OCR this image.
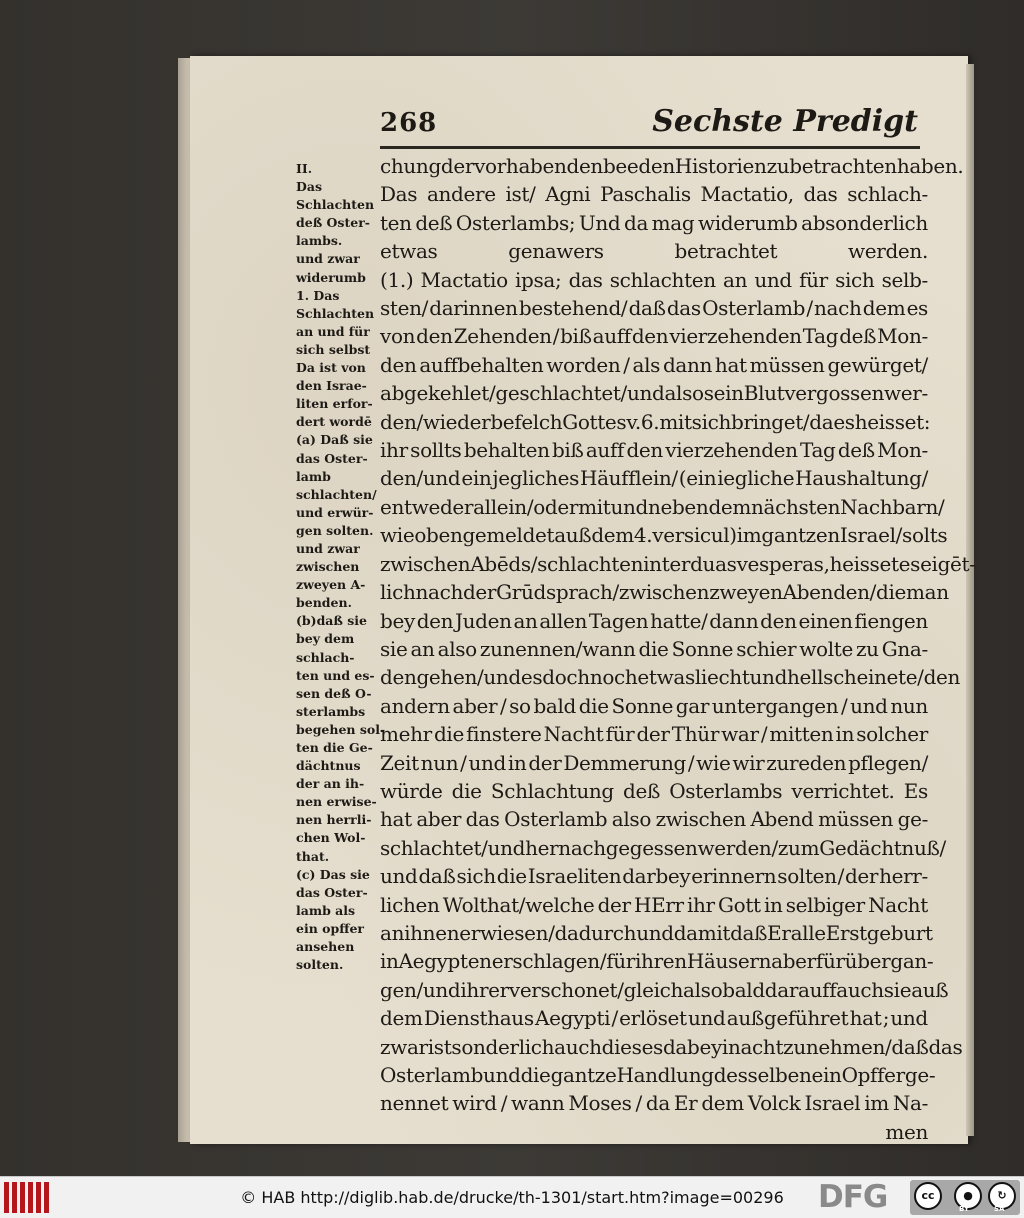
268	Sechste Predigt
II.
Das
Schlachten
deß Oster-
lambs.
und zwar
widerumb
1. Das
Schlachten
an und für
sich selbst
Da ist von
den Israe-
liten erfor-
dert wordē
(a) Daß sie
das Oster-
lamb
schlachten/
und erwür-
gen solten.
und zwar
zwischen
zweyen A-
benden.
(b)daß sie
bey dem
schlach-
ten und es-
sen deß O-
sterlambs
begehen sol-
ten die Ge-
dächtnus
der an ih-
nen erwise-
nen herrli-
chen Wol-
that.
(c) Das sie
das Oster-
lamb als
ein opffer
ansehen
solten.
chung der vorhabenden beeden Historien zubetrachten haben.
Das andere ist/ Agni Paschalis Mactatio, das schlach-
ten deß Osterlambs; Und da mag widerumb absonderlich
etwas	genawers	betrachtet	werden.
(1.) Mactatio ipsa; das schlachten an und für sich selb-
sten/ darinnen bestehend/ daß das Osterlamb / nach dem es
von den Zehenden / biß auff den vierzehenden Tag deß Mon-
den auffbehalten worden / als dann hat müssen gewürget/
abgekehlet / geschlachtet / und also sein Blut vergossen wer-
den/wie der befelch Gottes v. 6. mit sich bringet/da es heisset:
ihr sollts behalten biß auff den vierzehenden Tag deß Mon-
den/und ein jegliches Häufflein/ (ein iegliche Haushaltung/
entweder allein / oder mit und neben dem nächsten Nachbarn/
wie oben gemeldet auß dem 4.versicul)im gantzen Israel/solts
zwischen Abēds/schlachten inter duas vesperas, heisset es eigēt-
lich nach der Grūdsprach/zwischen zweyen Abenden/die man
bey den Juden an allen Tagen hatte/ dann den einen fiengen
sie an also zunennen/wann die Sonne schier wolte zu Gna-
den gehen/ und es doch noch etwas liecht und hell scheinete/ den
andern aber / so bald die Sonne gar untergangen / und nun
mehr die finstere Nacht für der Thür war / mitten in solcher
Zeit nun / und in der Demmerung / wie wir zureden pflegen/
würde die Schlachtung deß Osterlambs verrichtet. Es
hat aber das Osterlamb also zwischen Abend müssen ge-
schlachtet / und hernach gegessen werden/ zum Gedächtnuß/
und daß sich die Israeliten darbey erinnern solten / der herr-
lichen Wolthat/welche der HErr ihr Gott in selbiger Nacht
an ihnen erwiesen / dadurch und damit daßEr alle Erstgeburt
in Aegypten erschlagen / für ihren Häusern aber fürüber gan-
gen/ und ihrer verschonet / gleich alsobald darauff auch sie auß
dem Diensthaus Aegypti / erlöset und außgeführet hat ; und
zwar ist sonderlich auch dieses dabey in achtzunehmen/ daß das
Osterlamb und die gantze Handlung desselben ein Opffer ge-
nennet wird / wann Moses / da Er dem Volck Israel im Na-
men
© HAB http://diglib.hab.de/drucke/th-1301/start.htm?image=00296	DFG	cc	●	↻
BY	SA
